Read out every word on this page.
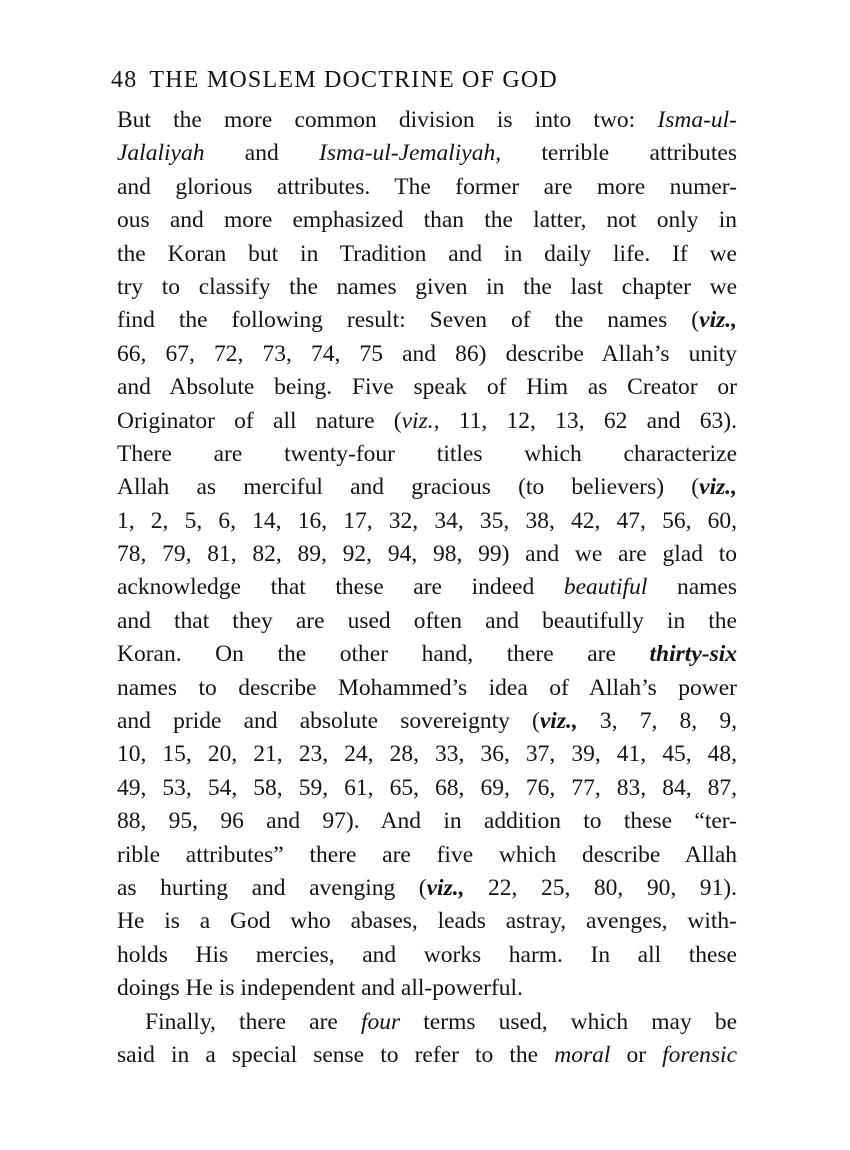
48 THE MOSLEM DOCTRINE OF GOD
But the more common division is into two: Isma-ul-
Jalaliyah and Isma-ul-Jemaliyah, terrible attributes
and glorious attributes. The former are more numer-
ous and more emphasized than the latter, not only in
the Koran but in Tradition and in daily life. If we
try to classify the names given in the last chapter we
find the following result: Seven of the names (viz.,
66, 67, 72, 73, 74, 75 and 86) describe Allah’s unity
and Absolute being. Five speak of Him as Creator or
Originator of all nature (viz., 11, 12, 13, 62 and 63).
There are twenty-four titles which characterize
Allah as merciful and gracious (to believers) (viz.,
1, 2, 5, 6, 14, 16, 17, 32, 34, 35, 38, 42, 47, 56, 60,
78, 79, 81, 82, 89, 92, 94, 98, 99) and we are glad to
acknowledge that these are indeed beautiful names
and that they are used often and beautifully in the
Koran. On the other hand, there are thirty-six
names to describe Mohammed’s idea of Allah’s power
and pride and absolute sovereignty (viz., 3, 7, 8, 9,
10, 15, 20, 21, 23, 24, 28, 33, 36, 37, 39, 41, 45, 48,
49, 53, 54, 58, 59, 61, 65, 68, 69, 76, 77, 83, 84, 87,
88, 95, 96 and 97). And in addition to these “ter-
rible attributes” there are five which describe Allah
as hurting and avenging (viz., 22, 25, 80, 90, 91).
He is a God who abases, leads astray, avenges, with-
holds His mercies, and works harm. In all these
doings He is independent and all-powerful.
Finally, there are four terms used, which may be
said in a special sense to refer to the moral or forensic
